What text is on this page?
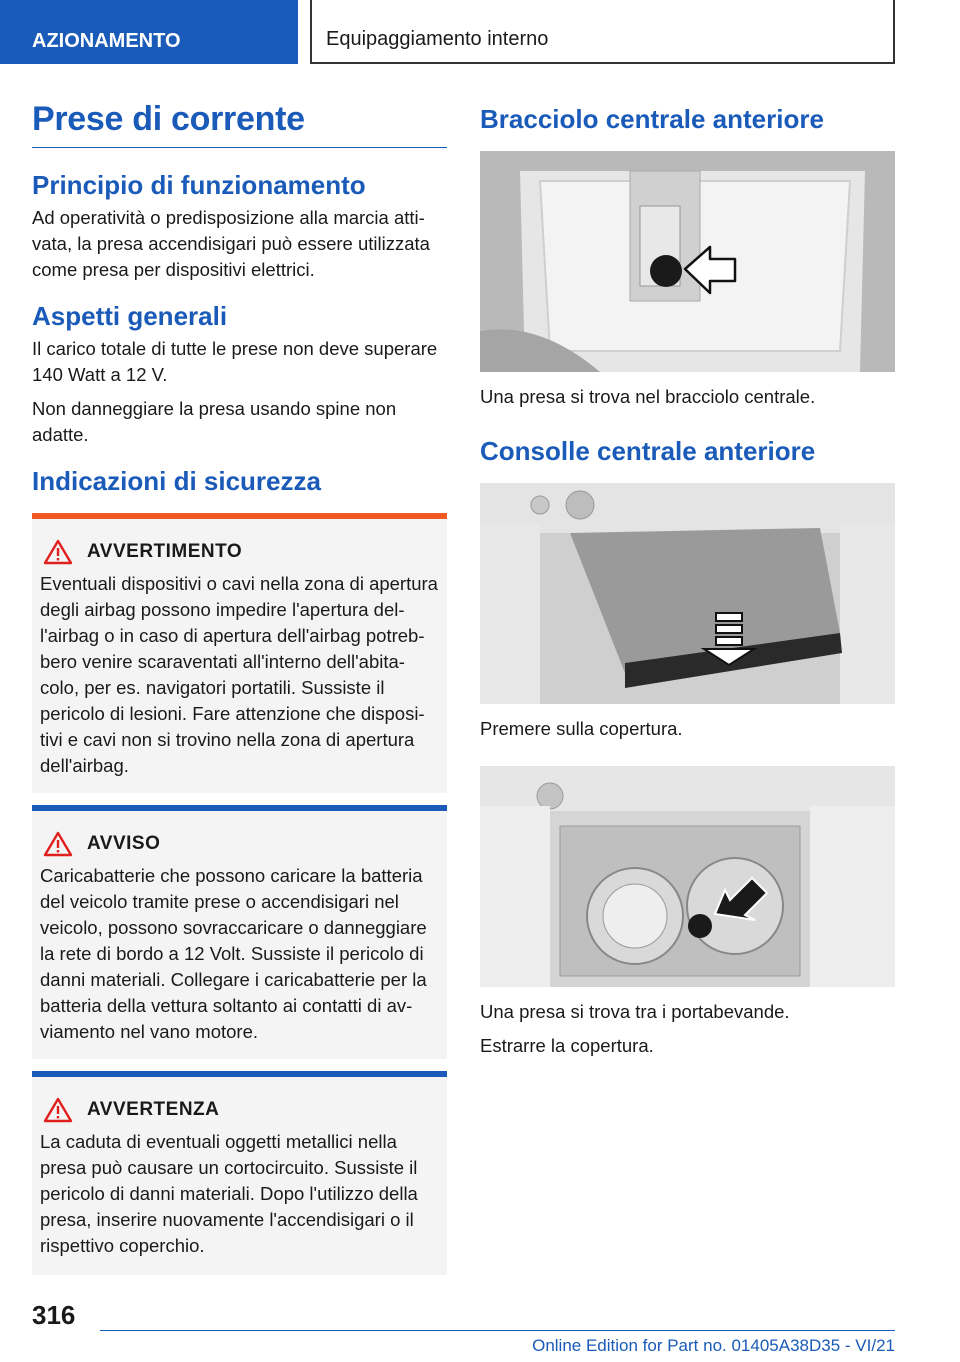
AZIONAMENTO	Equipaggiamento interno
Prese di corrente
Principio di funzionamento

Ad operatività o predisposizione alla marcia atti-vata, la presa accendisigari può essere utilizzata come presa per dispositivi elettrici.

Aspetti generali

Il carico totale di tutte le prese non deve superare 140 Watt a 12 V.

Non danneggiare la presa usando spine non adatte.

Indicazioni di sicurezza
AVVERTIMENTO

Eventuali dispositivi o cavi nella zona di apertura degli airbag possono impedire l'apertura del-l'airbag o in caso di apertura dell'airbag potreb-bero venire scaraventati all'interno dell'abita-colo, per es. navigatori portatili. Sussiste il pericolo di lesioni. Fare attenzione che disposi-tivi e cavi non si trovino nella zona di apertura dell'airbag.

AVVISO

Caricabatterie che possono caricare la batteria del veicolo tramite prese o accendisigari nel veicolo, possono sovraccaricare o danneggiare la rete di bordo a 12 Volt. Sussiste il pericolo di danni materiali. Collegare i caricabatterie per la batteria della vettura soltanto ai contatti di av-viamento nel vano motore.

AVVERTENZA

La caduta di eventuali oggetti metallici nella presa può causare un cortocircuito. Sussiste il pericolo di danni materiali. Dopo l'utilizzo della presa, inserire nuovamente l'accendisigari o il rispettivo coperchio.

Bracciolo centrale anteriore

Una presa si trova nel bracciolo centrale.

Consolle centrale anteriore

Premere sulla copertura.

Una presa si trova tra i portabevande.

Estrarre la copertura.

316
Online Edition for Part no. 01405A38D35 - VI/21
